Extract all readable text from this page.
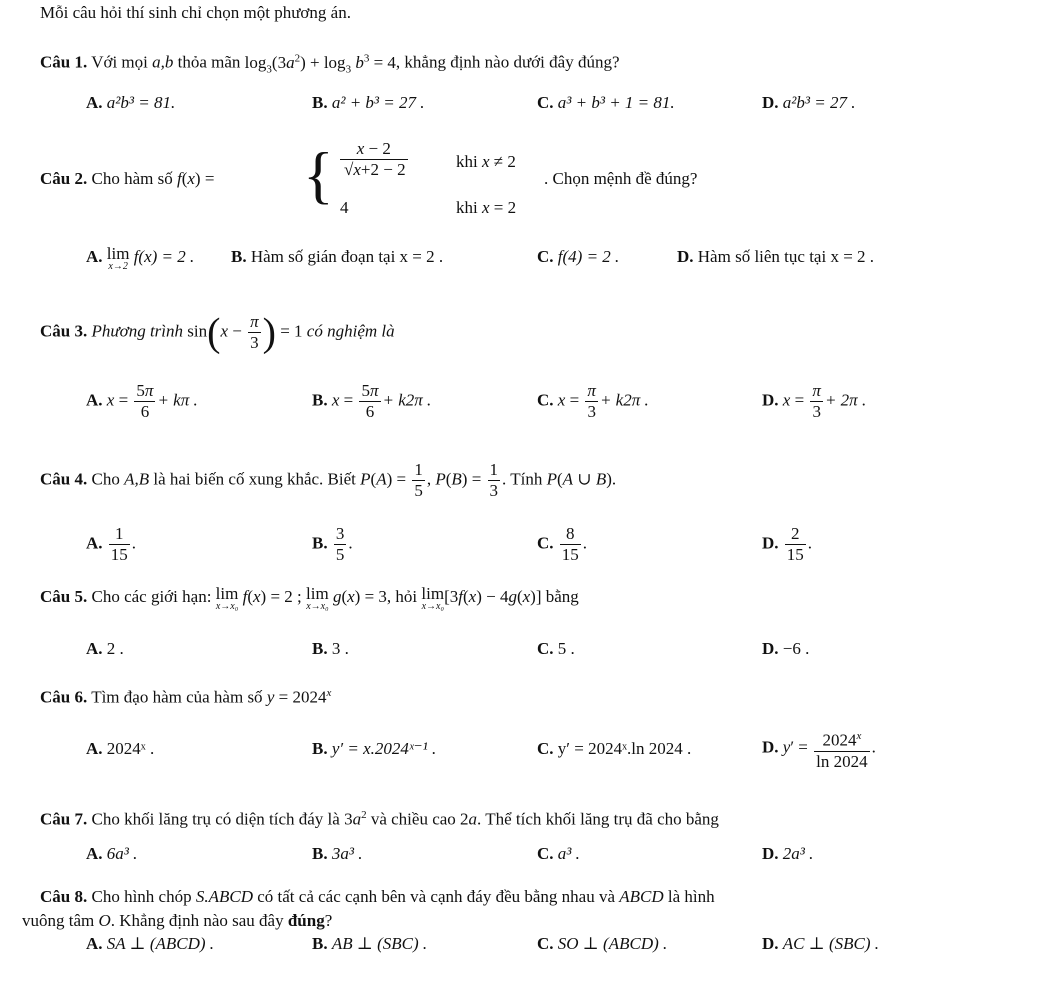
Mỗi câu hỏi thí sinh chỉ chọn một phương án.
Câu 1. Với mọi a,b thỏa mãn $\log_3(3a^2) + \log_3 b^3 = 4$, khẳng định nào dưới đây đúng?
A. a²b³ = 81.	B. a² + b³ = 27 .	C. a³ + b³ + 1 = 81.	D. a²b³ = 27 .
Câu 2. Cho hàm số f(x) = { $\frac{x - 2}{√x+2 - 2}$	khi x ≠ 2
4	khi x = 2
. Chọn mệnh đề đúng?
A. lim
x→2
f(x) = 2 . B. Hàm số gián đoạn tại x = 2 .	C. f(4) = 2 .	D. Hàm số liên tục tại x = 2 .
Câu 3. Phương trình $\sin(x - \frac{\pi}{3}$ ) = 1 có nghiệm là
A. $x = \frac{5\pi}{6} + k\pi$ .	B. $x = \frac{5\pi}{6} + k2\pi$ .	C. $x = \frac{\pi}{3} + k2\pi$ .	D. $x = \frac{\pi}{3} + 2\pi$ .
Câu 4. Cho A,B là hai biến cố xung khắc. Biết $P(A) = \frac{1}{5}$ , $P(B) = \frac{1}{3}$ . Tính P(A ∪ B).
A. $\frac{1}{15}$ .	B. $\frac{3}{5}$ .	C. $\frac{8}{15}$ .	D. $\frac{2}{15}$ .
Câu 5. Cho các giới hạn: lim
x→x₀
f(x) = 2 ; lim
x→x₀
g(x) = 3, hỏi lim
x→x₀
[3f(x) − 4g(x)] bằng
A. 2 .	B. 3 .	C. 5 .	D. −6 .
Câu 6. Tìm đạo hàm của hàm số $y = 2024^x$
A. 2024ˣ .	B. y′ = x.2024ˣ⁻¹ .	C. y′ = 2024ˣ.ln 2024 .	D. $y' = \frac{2024^x}{\ln 2024}$ .
Câu 7. Cho khối lăng trụ có diện tích đáy là $3a^2$ và chiều cao 2a. Thể tích khối lăng trụ đã cho bằng
A. 6a³ .	B. 3a³ .	C. a³ .	D. 2a³ .
Câu 8. Cho hình chóp S.ABCD có tất cả các cạnh bên và cạnh đáy đều bằng nhau và ABCD là hình
vuông tâm O. Khẳng định nào sau đây đúng?
A. SA ⊥ (ABCD) .	B. AB ⊥ (SBC) .	C. SO ⊥ (ABCD) .	D. AC ⊥ (SBC) .
